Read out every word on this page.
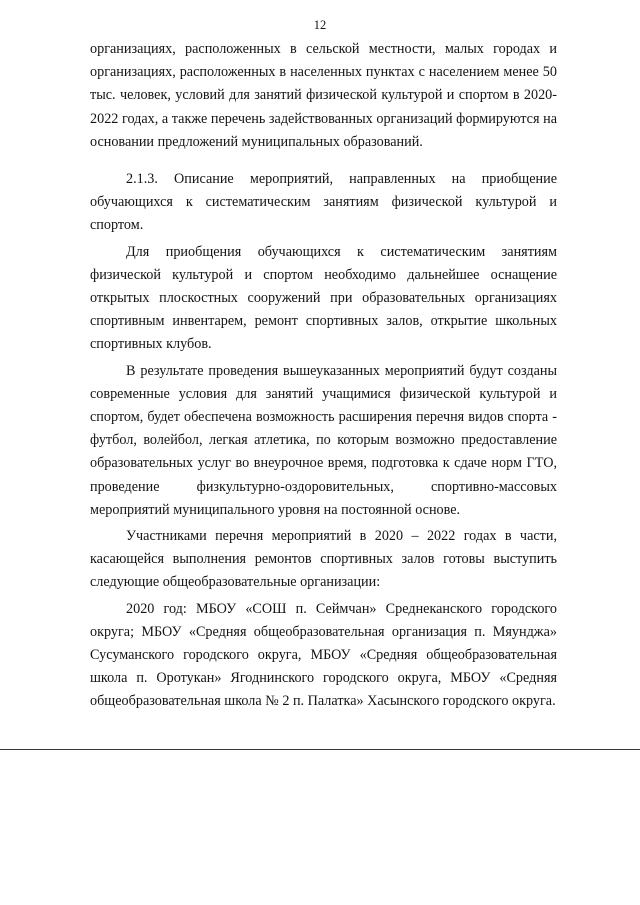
12

организациях, расположенных в сельской местности, малых городах и организациях, расположенных в населенных пунктах с населением менее 50 тыс. человек, условий для занятий физической культурой и спортом в 2020-2022 годах, а также перечень задействованных организаций формируются на основании предложений муниципальных образований.

2.1.3. Описание мероприятий, направленных на приобщение обучающихся к систематическим занятиям физической культурой и спортом.

Для приобщения обучающихся к систематическим занятиям физической культурой и спортом необходимо дальнейшее оснащение открытых плоскостных сооружений при образовательных организациях спортивным инвентарем, ремонт спортивных залов, открытие школьных спортивных клубов.

В результате проведения вышеуказанных мероприятий будут созданы современные условия для занятий учащимися физической культурой и спортом, будет обеспечена возможность расширения перечня видов спорта - футбол, волейбол, легкая атлетика, по которым возможно предоставление образовательных услуг во внеурочное время, подготовка к сдаче норм ГТО, проведение физкультурно-оздоровительных, спортивно-массовых мероприятий муниципального уровня на постоянной основе.

Участниками перечня мероприятий в 2020 – 2022 годах в части, касающейся выполнения ремонтов спортивных залов готовы выступить следующие общеобразовательные организации:

2020 год: МБОУ «СОШ п. Сеймчан» Среднеканского городского округа; МБОУ «Средняя общеобразовательная организация п. Мяунджа» Сусуманского городского округа, МБОУ «Средняя общеобразовательная школа п. Оротукан» Ягоднинского городского округа, МБОУ «Средняя общеобразовательная школа № 2 п. Палатка» Хасынского городского округа.
